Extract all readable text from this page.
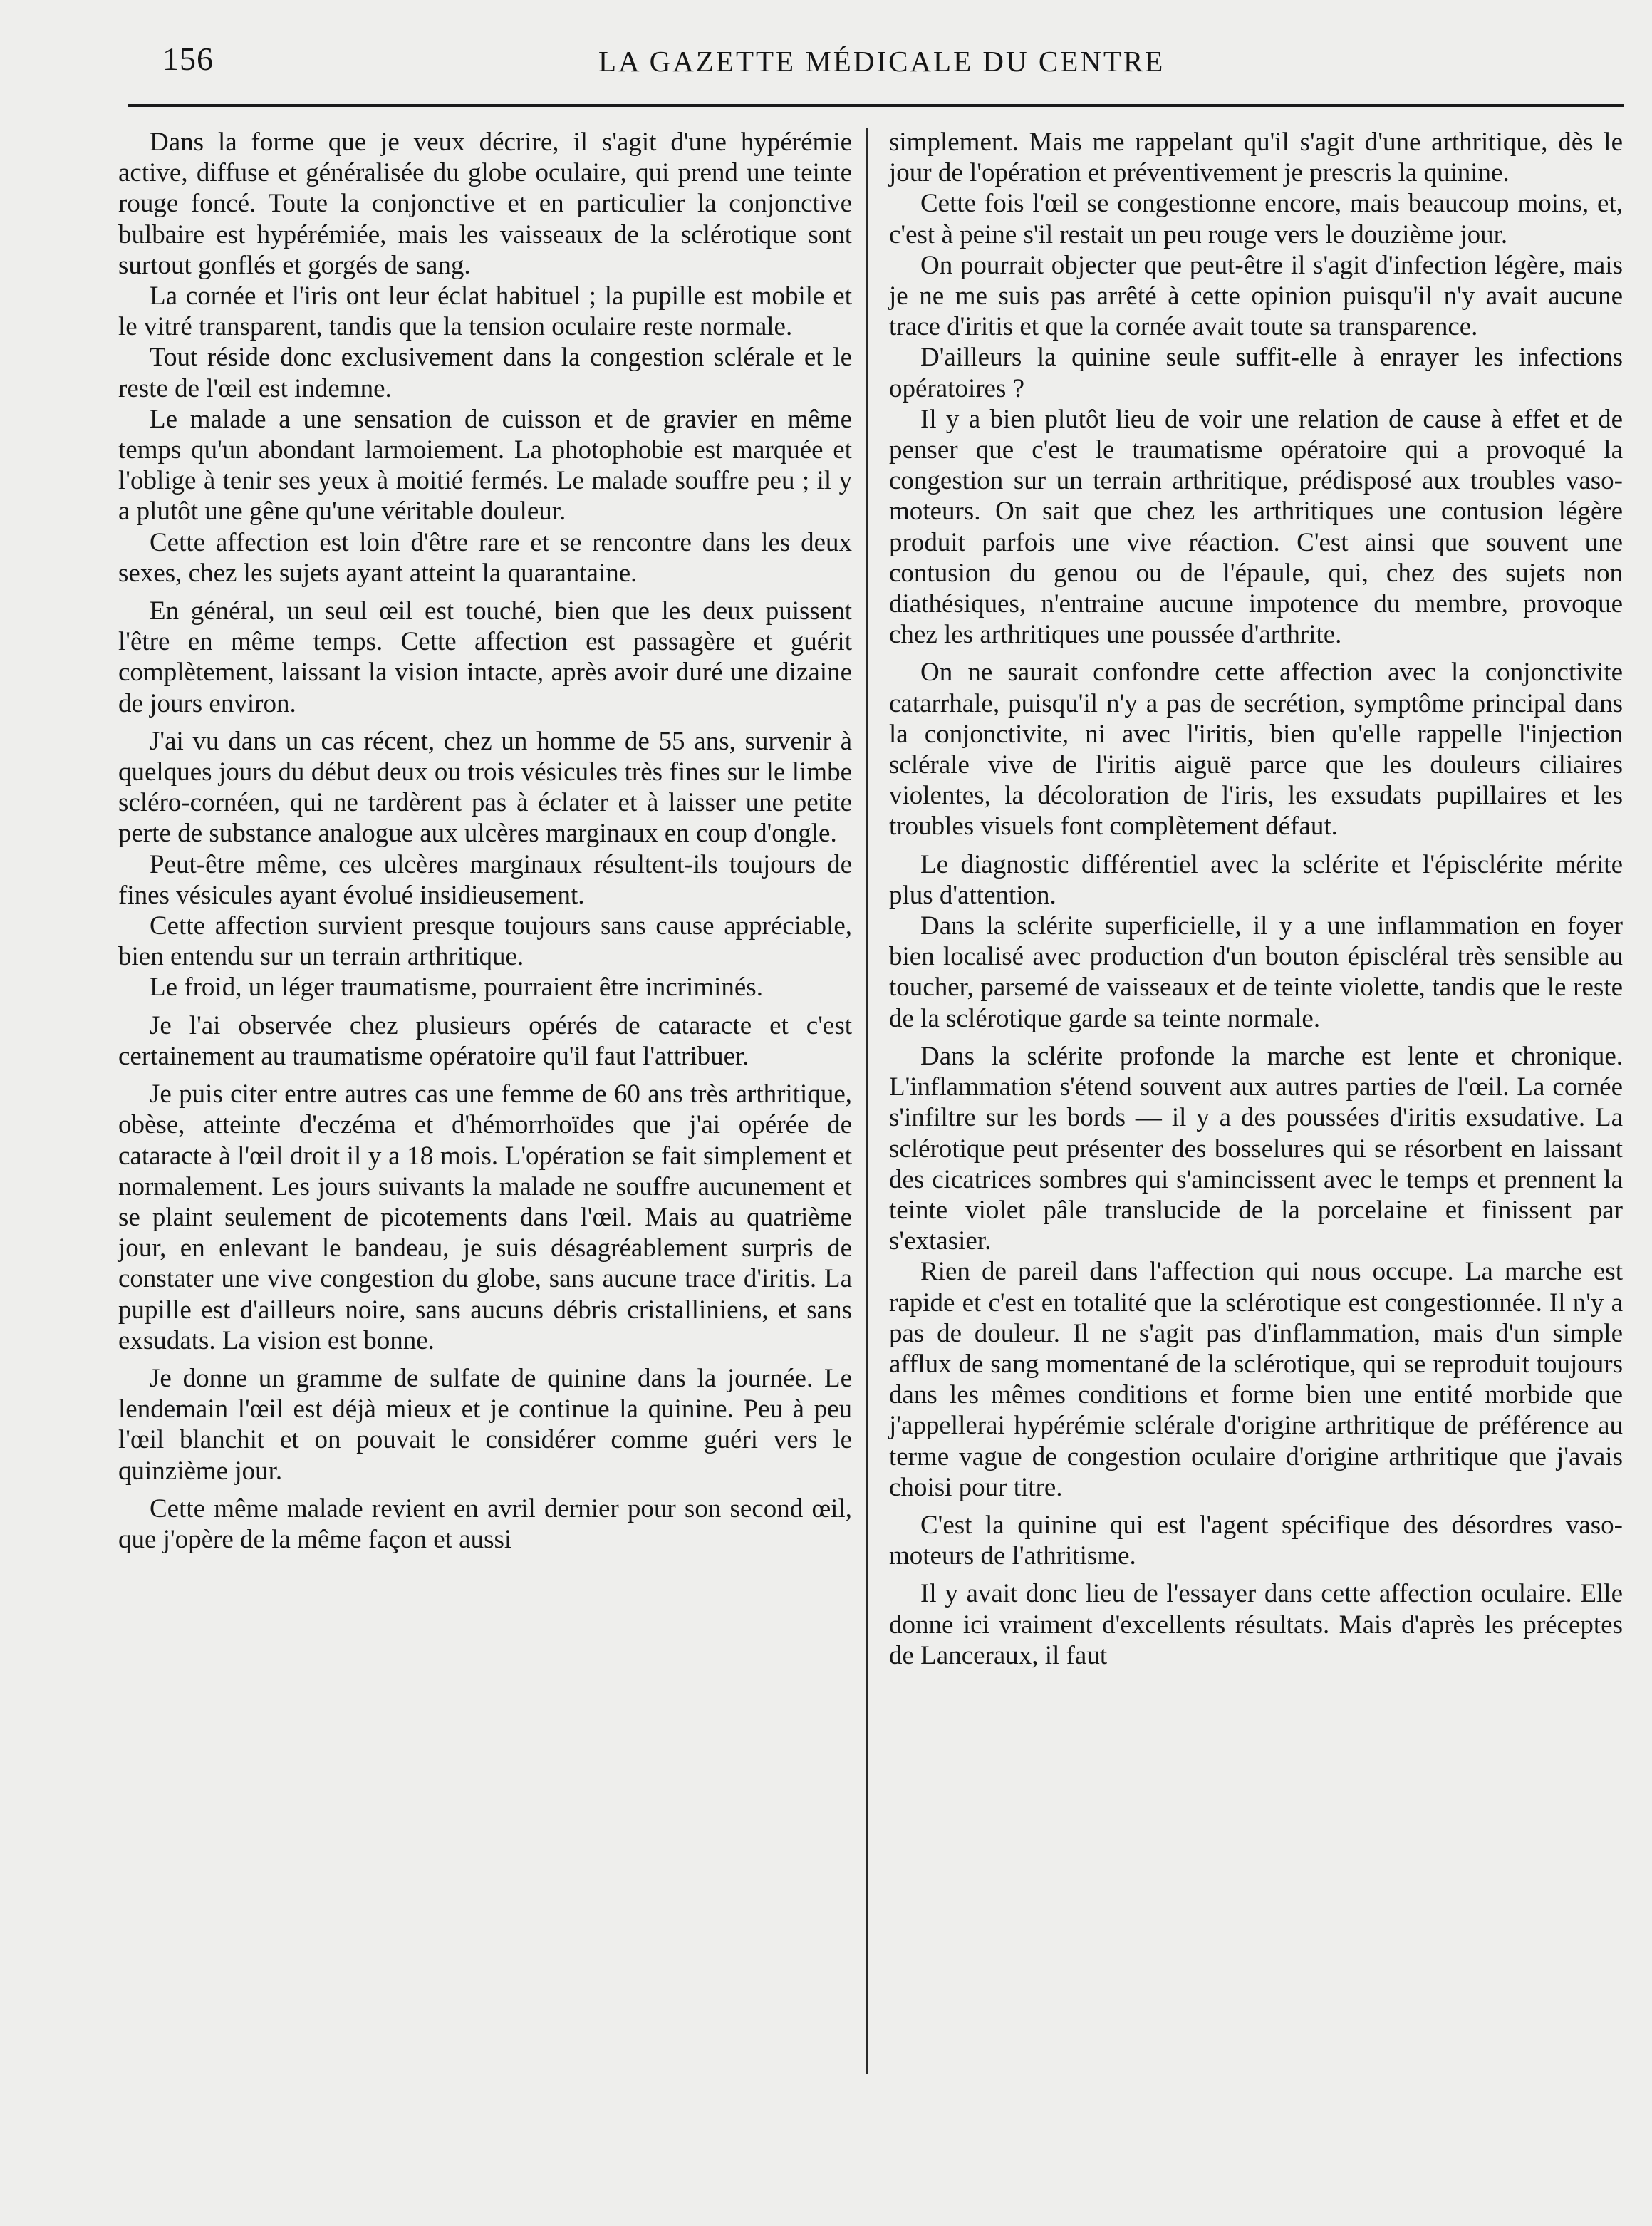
156	LA GAZETTE MÉDICALE DU CENTRE

Dans la forme que je veux décrire, il s'agit d'une hypérémie active, diffuse et généralisée du globe oculaire, qui prend une teinte rouge foncé. Toute la conjonctive et en particulier la conjonctive bulbaire est hypérémiée, mais les vaisseaux de la sclérotique sont surtout gonflés et gorgés de sang.

La cornée et l'iris ont leur éclat habituel ; la pupille est mobile et le vitré transparent, tandis que la tension oculaire reste normale.

Tout réside donc exclusivement dans la congestion sclérale et le reste de l'œil est indemne.

Le malade a une sensation de cuisson et de gravier en même temps qu'un abondant larmoiement. La photophobie est marquée et l'oblige à tenir ses yeux à moitié fermés. Le malade souffre peu ; il y a plutôt une gêne qu'une véritable douleur.

Cette affection est loin d'être rare et se rencontre dans les deux sexes, chez les sujets ayant atteint la quarantaine.

En général, un seul œil est touché, bien que les deux puissent l'être en même temps. Cette affection est passagère et guérit complètement, laissant la vision intacte, après avoir duré une dizaine de jours environ.

J'ai vu dans un cas récent, chez un homme de 55 ans, survenir à quelques jours du début deux ou trois vésicules très fines sur le limbe scléro-cornéen, qui ne tardèrent pas à éclater et à laisser une petite perte de substance analogue aux ulcères marginaux en coup d'ongle.

Peut-être même, ces ulcères marginaux résultent-ils toujours de fines vésicules ayant évolué insidieusement.

Cette affection survient presque toujours sans cause appréciable, bien entendu sur un terrain arthritique.

Le froid, un léger traumatisme, pourraient être incriminés.

Je l'ai observée chez plusieurs opérés de cataracte et c'est certainement au traumatisme opératoire qu'il faut l'attribuer.

Je puis citer entre autres cas une femme de 60 ans très arthritique, obèse, atteinte d'eczéma et d'hémorrhoïdes que j'ai opérée de cataracte à l'œil droit il y a 18 mois. L'opération se fait simplement et normalement. Les jours suivants la malade ne souffre aucunement et se plaint seulement de picotements dans l'œil. Mais au quatrième jour, en enlevant le bandeau, je suis désagréablement surpris de constater une vive congestion du globe, sans aucune trace d'iritis. La pupille est d'ailleurs noire, sans aucuns débris cristalliniens, et sans exsudats. La vision est bonne.

Je donne un gramme de sulfate de quinine dans la journée. Le lendemain l'œil est déjà mieux et je continue la quinine. Peu à peu l'œil blanchit et on pouvait le considérer comme guéri vers le quinzième jour.

Cette même malade revient en avril dernier pour son second œil, que j'opère de la même façon et aussi

simplement. Mais me rappelant qu'il s'agit d'une arthritique, dès le jour de l'opération et préventivement je prescris la quinine.

Cette fois l'œil se congestionne encore, mais beaucoup moins, et, c'est à peine s'il restait un peu rouge vers le douzième jour.

On pourrait objecter que peut-être il s'agit d'infection légère, mais je ne me suis pas arrêté à cette opinion puisqu'il n'y avait aucune trace d'iritis et que la cornée avait toute sa transparence.

D'ailleurs la quinine seule suffit-elle à enrayer les infections opératoires ?

Il y a bien plutôt lieu de voir une relation de cause à effet et de penser que c'est le traumatisme opératoire qui a provoqué la congestion sur un terrain arthritique, prédisposé aux troubles vaso-moteurs. On sait que chez les arthritiques une contusion légère produit parfois une vive réaction. C'est ainsi que souvent une contusion du genou ou de l'épaule, qui, chez des sujets non diathésiques, n'entraine aucune impotence du membre, provoque chez les arthritiques une poussée d'arthrite.

On ne saurait confondre cette affection avec la conjonctivite catarrhale, puisqu'il n'y a pas de secrétion, symptôme principal dans la conjonctivite, ni avec l'iritis, bien qu'elle rappelle l'injection sclérale vive de l'iritis aiguë parce que les douleurs ciliaires violentes, la décoloration de l'iris, les exsudats pupillaires et les troubles visuels font complètement défaut.

Le diagnostic différentiel avec la sclérite et l'épisclérite mérite plus d'attention.

Dans la sclérite superficielle, il y a une inflammation en foyer bien localisé avec production d'un bouton épiscléral très sensible au toucher, parsemé de vaisseaux et de teinte violette, tandis que le reste de la sclérotique garde sa teinte normale.

Dans la sclérite profonde la marche est lente et chronique. L'inflammation s'étend souvent aux autres parties de l'œil. La cornée s'infiltre sur les bords — il y a des poussées d'iritis exsudative. La sclérotique peut présenter des bosselures qui se résorbent en laissant des cicatrices sombres qui s'amincissent avec le temps et prennent la teinte violet pâle translucide de la porcelaine et finissent par s'extasier.

Rien de pareil dans l'affection qui nous occupe. La marche est rapide et c'est en totalité que la sclérotique est congestionnée. Il n'y a pas de douleur. Il ne s'agit pas d'inflammation, mais d'un simple afflux de sang momentané de la sclérotique, qui se reproduit toujours dans les mêmes conditions et forme bien une entité morbide que j'appellerai hypérémie sclérale d'origine arthritique de préférence au terme vague de congestion oculaire d'origine arthritique que j'avais choisi pour titre.

C'est la quinine qui est l'agent spécifique des désordres vaso-moteurs de l'athritisme.

Il y avait donc lieu de l'essayer dans cette affection oculaire. Elle donne ici vraiment d'excellents résultats. Mais d'après les préceptes de Lanceraux, il faut
